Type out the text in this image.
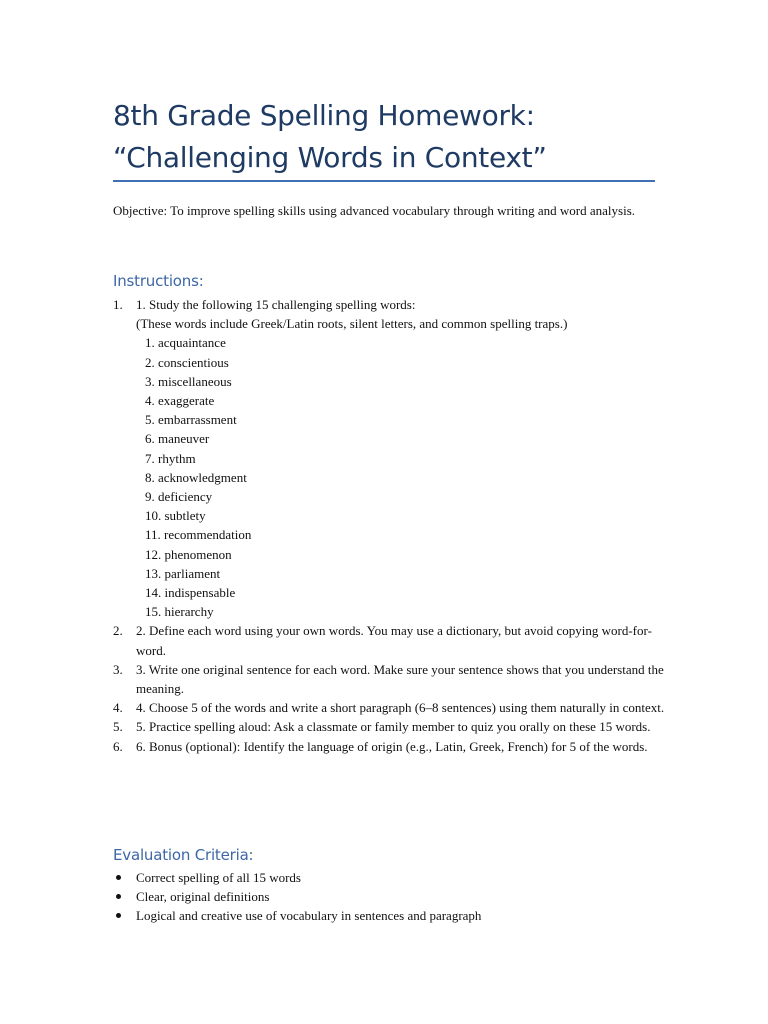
8th Grade Spelling Homework:
“Challenging Words in Context”
Objective: To improve spelling skills using advanced vocabulary through writing and word analysis.
Instructions:
1. 1. Study the following 15 challenging spelling words:
(These words include Greek/Latin roots, silent letters, and common spelling traps.)
1. acquaintance
2. conscientious
3. miscellaneous
4. exaggerate
5. embarrassment
6. maneuver
7. rhythm
8. acknowledgment
9. deficiency
10. subtlety
11. recommendation
12. phenomenon
13. parliament
14. indispensable
15. hierarchy
2. 2. Define each word using your own words. You may use a dictionary, but avoid copying word-for-word.
3. 3. Write one original sentence for each word. Make sure your sentence shows that you understand the meaning.
4. 4. Choose 5 of the words and write a short paragraph (6–8 sentences) using them naturally in context.
5. 5. Practice spelling aloud: Ask a classmate or family member to quiz you orally on these 15 words.
6. 6. Bonus (optional): Identify the language of origin (e.g., Latin, Greek, French) for 5 of the words.
Evaluation Criteria:
Correct spelling of all 15 words
Clear, original definitions
Logical and creative use of vocabulary in sentences and paragraph
